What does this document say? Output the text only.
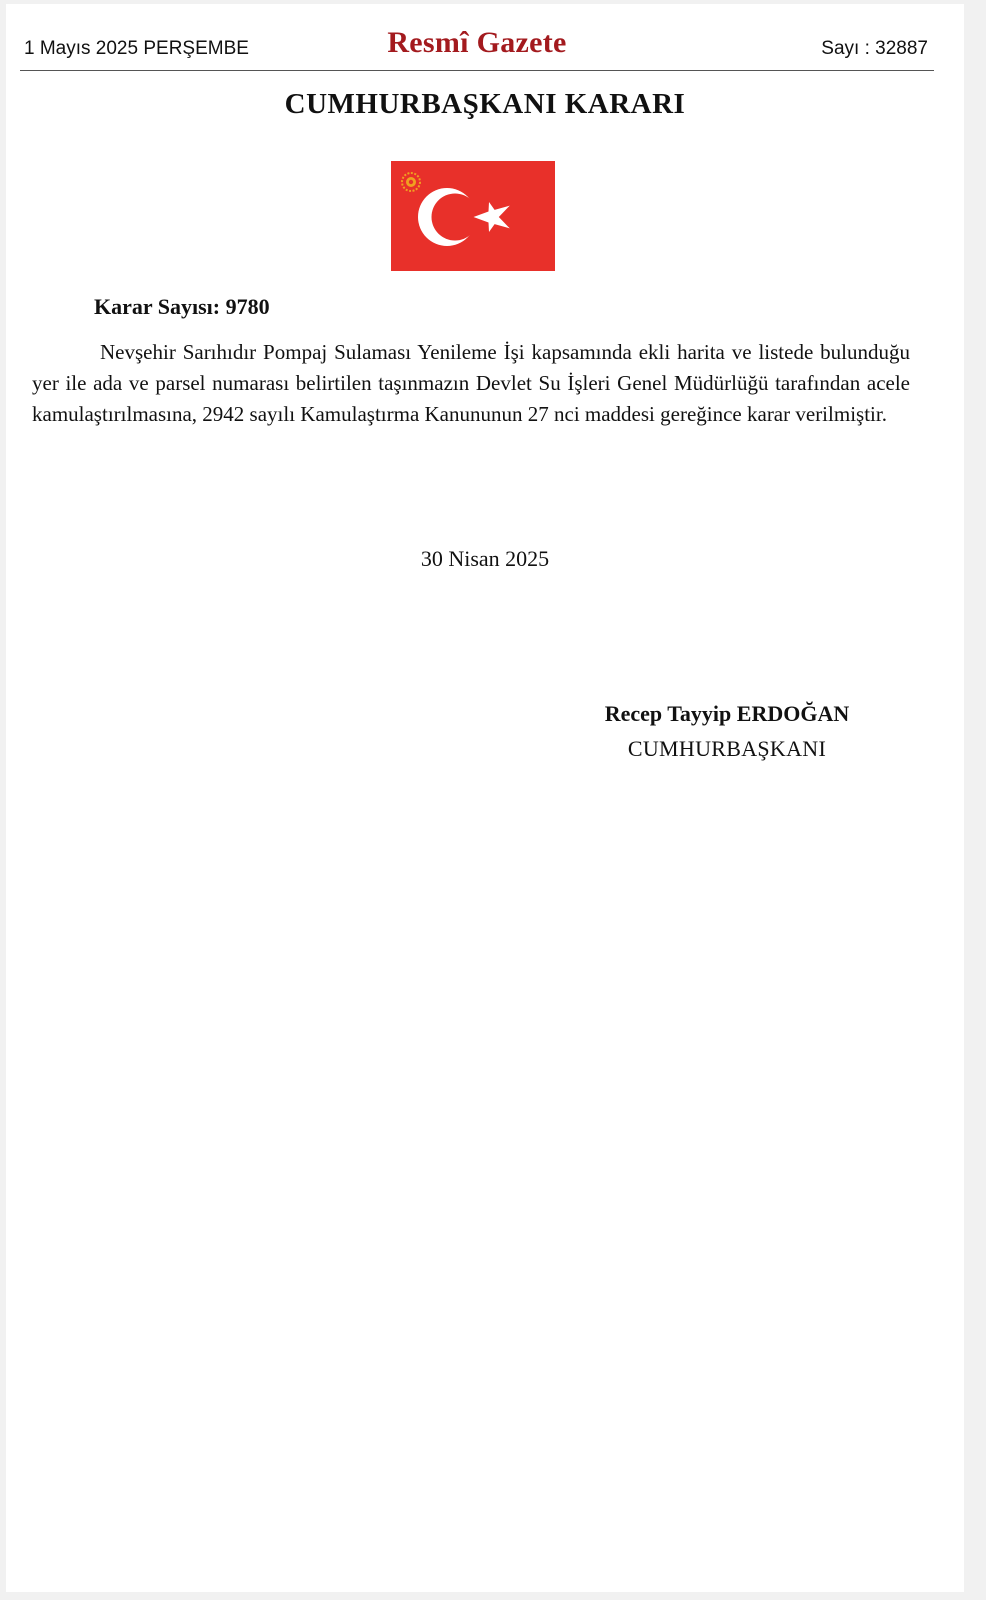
1 Mayıs 2025 PERŞEMBE	Resmî Gazete	Sayı : 32887
CUMHURBAŞKANI KARARI
Karar Sayısı: 9780

Nevşehir Sarıhıdır Pompaj Sulaması Yenileme İşi kapsamında ekli harita ve listede bulunduğu yer ile ada ve parsel numarası belirtilen taşınmazın Devlet Su İşleri Genel Müdürlüğü tarafından acele kamulaştırılmasına, 2942 sayılı Kamulaştırma Kanununun 27 nci maddesi gereğince karar verilmiştir.

30 Nisan 2025
Recep Tayyip ERDOĞAN
CUMHURBAŞKANI
